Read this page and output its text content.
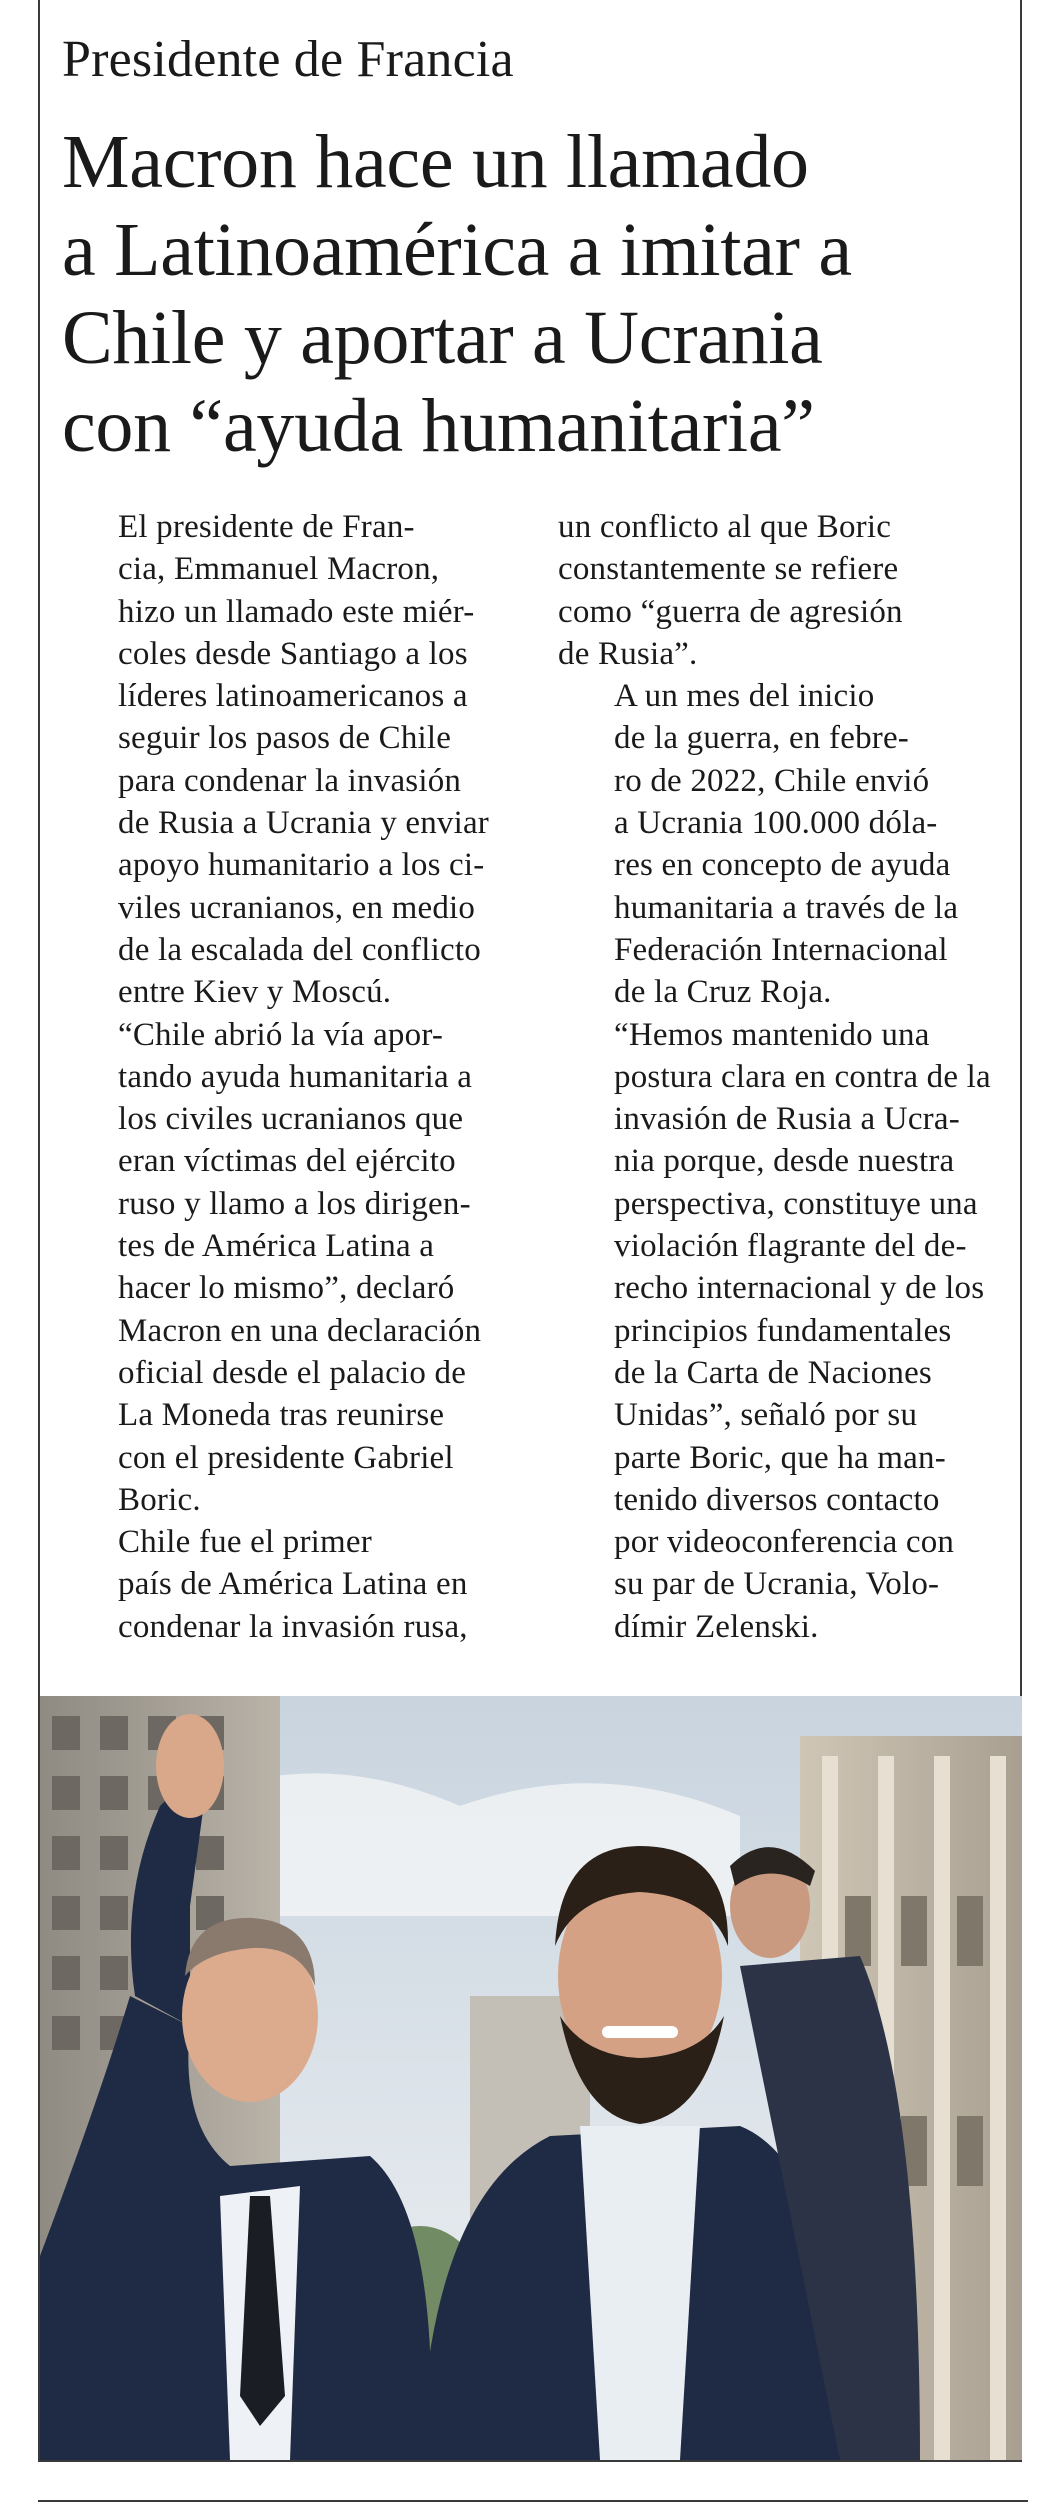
Presidente de Francia
Macron hace un llamado
a Latinoamérica a imitar a
Chile y aportar a Ucrania
con “ayuda humanitaria”

El presidente de Fran-
cia, Emmanuel Macron,
hizo un llamado este miér-
coles desde Santiago a los
líderes latinoamericanos a
seguir los pasos de Chile
para condenar la invasión
de Rusia a Ucrania y enviar
apoyo humanitario a los ci-
viles ucranianos, en medio
de la escalada del conflicto
entre Kiev y Moscú.

“Chile abrió la vía apor-
tando ayuda humanitaria a
los civiles ucranianos que
eran víctimas del ejército
ruso y llamo a los dirigen-
tes de América Latina a
hacer lo mismo”, declaró
Macron en una declaración
oficial desde el palacio de
La Moneda tras reunirse
con el presidente Gabriel
Boric.

Chile fue el primer
país de América Latina en
condenar la invasión rusa,

un conflicto al que Boric
constantemente se refiere
como “guerra de agresión
de Rusia”.

A un mes del inicio
de la guerra, en febre-
ro de 2022, Chile envió
a Ucrania 100.000 dóla-
res en concepto de ayuda
humanitaria a través de la
Federación Internacional
de la Cruz Roja.

“Hemos mantenido una
postura clara en contra de la
invasión de Rusia a Ucra-
nia porque, desde nuestra
perspectiva, constituye una
violación flagrante del de-
recho internacional y de los
principios fundamentales
de la Carta de Naciones
Unidas”, señaló por su
parte Boric, que ha man-
tenido diversos contacto
por videoconferencia con
su par de Ucrania, Volo-
dímir Zelenski.
